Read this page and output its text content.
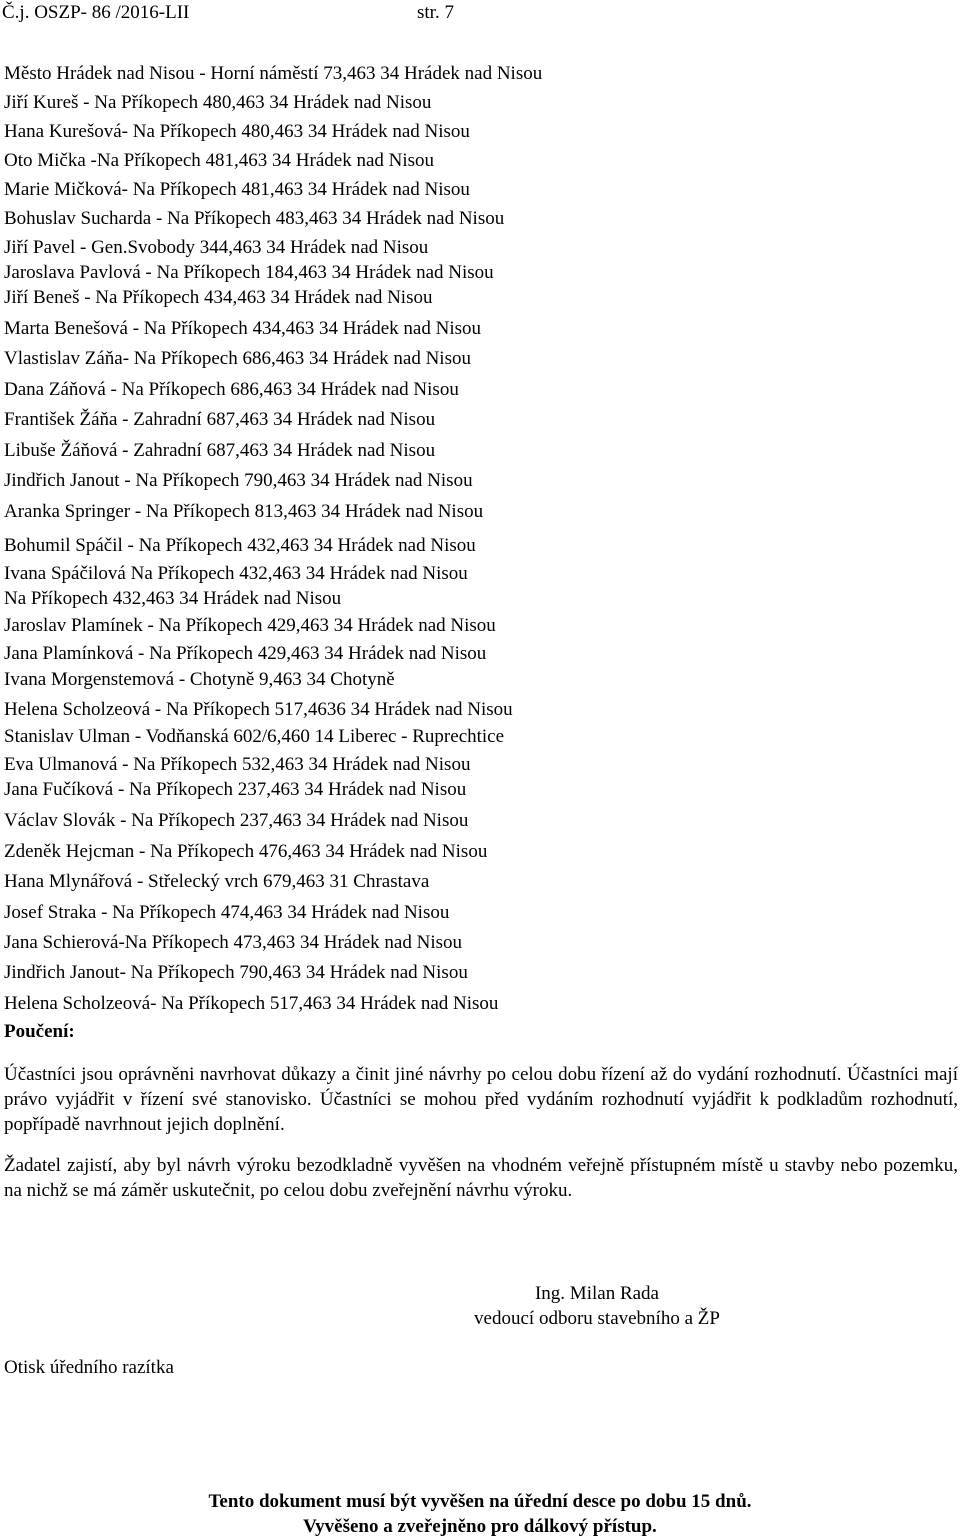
Č.j. OSZP- 86 /2016-LII	str. 7
Město Hrádek nad Nisou - Horní náměstí 73,463 34 Hrádek nad Nisou
Jiří Kureš - Na Příkopech 480,463 34 Hrádek nad Nisou
Hana Kurešová- Na Příkopech 480,463 34 Hrádek nad Nisou
Oto Mička -Na Příkopech 481,463 34 Hrádek nad Nisou
Marie Mičková- Na Příkopech 481,463 34 Hrádek nad Nisou
Bohuslav Sucharda - Na Příkopech 483,463 34 Hrádek nad Nisou
Jiří Pavel - Gen.Svobody 344,463 34 Hrádek nad Nisou
Jaroslava Pavlová - Na Příkopech 184,463 34 Hrádek nad Nisou
Jiří Beneš - Na Příkopech 434,463 34 Hrádek nad Nisou
Marta Benešová - Na Příkopech 434,463 34 Hrádek nad Nisou
Vlastislav Záňa- Na Příkopech 686,463 34 Hrádek nad Nisou
Dana Záňová - Na Příkopech 686,463 34 Hrádek nad Nisou
František Žáňa - Zahradní 687,463 34 Hrádek nad Nisou
Libuše Žáňová - Zahradní 687,463 34 Hrádek nad Nisou
Jindřich Janout - Na Příkopech 790,463 34 Hrádek nad Nisou
Aranka Springer - Na Příkopech 813,463 34 Hrádek nad Nisou
Bohumil Spáčil - Na Příkopech 432,463 34 Hrádek nad Nisou
Ivana Spáčilová Na Příkopech 432,463 34 Hrádek nad Nisou
Na Příkopech 432,463 34 Hrádek nad Nisou
Jaroslav Plamínek - Na Příkopech 429,463 34 Hrádek nad Nisou
Jana Plamínková - Na Příkopech 429,463 34 Hrádek nad Nisou
Ivana Morgenstemová - Chotyně 9,463 34 Chotyně
Helena Scholzeová - Na Příkopech 517,4636 34 Hrádek nad Nisou
Stanislav Ulman - Vodňanská 602/6,460 14 Liberec - Ruprechtice
Eva Ulmanová - Na Příkopech 532,463 34 Hrádek nad Nisou
Jana Fučíková - Na Příkopech 237,463 34 Hrádek nad Nisou
Václav Slovák - Na Příkopech 237,463 34 Hrádek nad Nisou
Zdeněk Hejcman - Na Příkopech 476,463 34 Hrádek nad Nisou
Hana Mlynářová - Střelecký vrch 679,463 31 Chrastava
Josef Straka - Na Příkopech 474,463 34 Hrádek nad Nisou
Jana Schierová-Na Příkopech 473,463 34 Hrádek nad Nisou
Jindřich Janout- Na Příkopech 790,463 34 Hrádek nad Nisou
Helena Scholzeová- Na Příkopech 517,463 34 Hrádek nad Nisou
Poučení:
Účastníci jsou oprávněni navrhovat důkazy a činit jiné návrhy po celou dobu řízení až do vydání rozhodnutí. Účastníci mají právo vyjádřit v řízení své stanovisko. Účastníci se mohou před vydáním rozhodnutí vyjádřit k podkladům rozhodnutí, popřípadě navrhnout jejich doplnění.
Žadatel zajistí, aby byl návrh výroku bezodkladně vyvěšen na vhodném veřejně přístupném místě u stavby nebo pozemku, na nichž se má záměr uskutečnit, po celou dobu zveřejnění návrhu výroku.
Ing. Milan Rada
vedoucí odboru stavebního a ŽP
Otisk úředního razítka
Tento dokument musí být vyvěšen na úřední desce po dobu 15 dnů.
Vyvěšeno a zveřejněno pro dálkový přístup.
